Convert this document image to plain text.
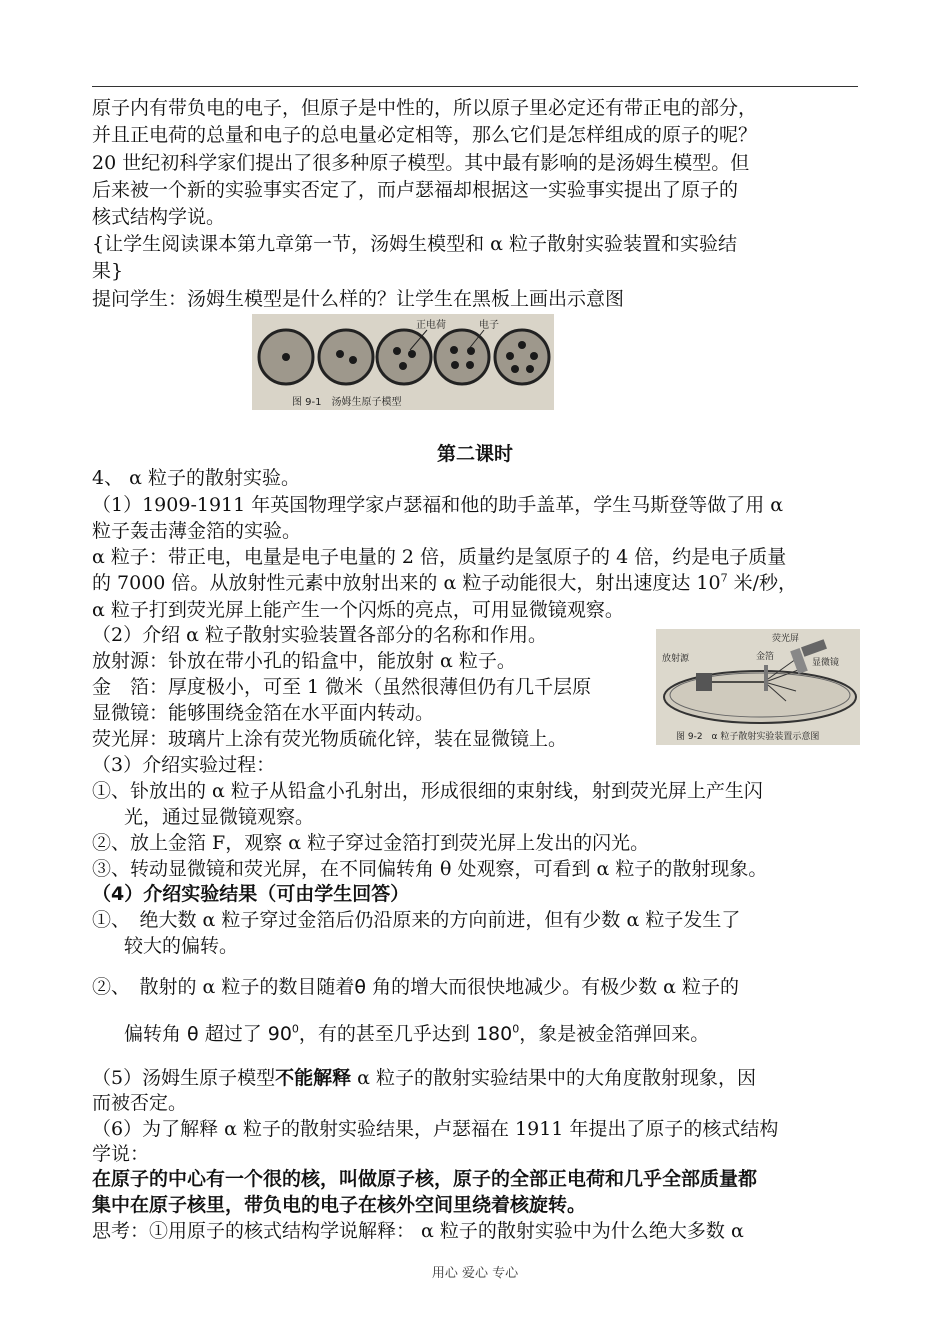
原子内有带负电的电子，但原子是中性的，所以原子里必定还有带正电的部分，
并且正电荷的总量和电子的总电量必定相等，那么它们是怎样组成的原子的呢？
20 世纪初科学家们提出了很多种原子模型。其中最有影响的是汤姆生模型。但
后来被一个新的实验事实否定了，而卢瑟福却根据这一实验事实提出了原子的
核式结构学说。
{让学生阅读课本第九章第一节，汤姆生模型和 α 粒子散射实验装置和实验结
果}
提问学生：汤姆生模型是什么样的？让学生在黑板上画出示意图
正电荷	电子
图 9-1　汤姆生原子模型
第二课时
4、 α 粒子的散射实验。
（1）1909-1911 年英国物理学家卢瑟福和他的助手盖革，学生马斯登等做了用 α
粒子轰击薄金箔的实验。
α 粒子：带正电，电量是电子电量的 2 倍，质量约是氢原子的 4 倍，约是电子质量
的 7000 倍。从放射性元素中放射出来的 α 粒子动能很大，射出速度达 $10^7$ 米/秒，
α 粒子打到荧光屏上能产生一个闪烁的亮点，可用显微镜观察。
（2）介绍 α 粒子散射实验装置各部分的名称和作用。
放射源：钋放在带小孔的铅盒中，能放射 α 粒子。
金　箔：厚度极小，可至 1 微米（虽然很薄但仍有几千层原
显微镜：能够围绕金箔在水平面内转动。
荧光屏：玻璃片上涂有荧光物质硫化锌，装在显微镜上。
荧光屏
显微镜
放射源	金箔
图 9-2　α 粒子散射实验装置示意图
（3）介绍实验过程：
①、钋放出的 α 粒子从铅盒小孔射出，形成很细的束射线，射到荧光屏上产生闪
光，通过显微镜观察。
②、放上金箔 F，观察 α 粒子穿过金箔打到荧光屏上发出的闪光。
③、转动显微镜和荧光屏，在不同偏转角 θ 处观察，可看到 α 粒子的散射现象。
（4）介绍实验结果（可由学生回答）
①、　绝大数 α 粒子穿过金箔后仍沿原来的方向前进，但有少数 α 粒子发生了
较大的偏转。
②、　散射的 α 粒子的数目随着θ 角的增大而很快地减少。有极少数 α 粒子的
偏转角 θ 超过了 $90^0$，有的甚至几乎达到 $180^0$，象是被金箔弹回来。
（5）汤姆生原子模型不能解释 α 粒子的散射实验结果中的大角度散射现象，因
而被否定。
（6）为了解释 α 粒子的散射实验结果，卢瑟福在 1911 年提出了原子的核式结构
学说：
在原子的中心有一个很的核，叫做原子核，原子的全部正电荷和几乎全部质量都
集中在原子核里，带负电的电子在核外空间里绕着核旋转。
思考：①用原子的核式结构学说解释： α 粒子的散射实验中为什么绝大多数 α
用心 爱心 专心
